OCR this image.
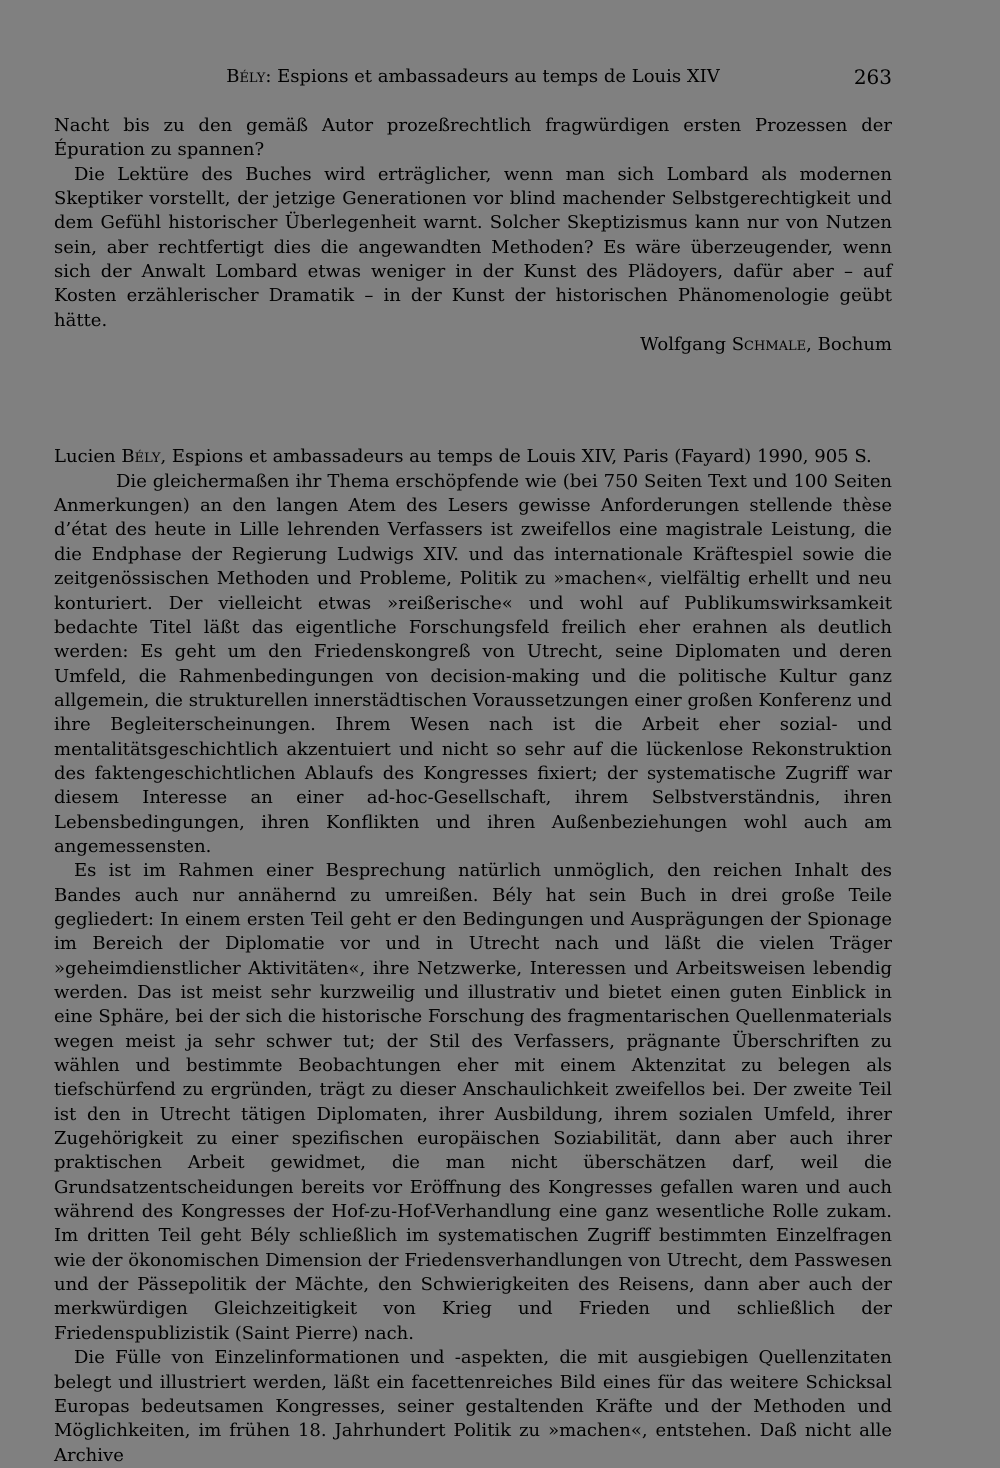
Bély: Espions et ambassadeurs au temps de Louis XIV	263

Nacht bis zu den gemäß Autor prozeßrechtlich fragwürdigen ersten Prozessen der Épuration zu spannen?

Die Lektüre des Buches wird erträglicher, wenn man sich Lombard als modernen Skeptiker vorstellt, der jetzige Generationen vor blind machender Selbstgerechtigkeit und dem Gefühl historischer Überlegenheit warnt. Solcher Skeptizismus kann nur von Nutzen sein, aber rechtfertigt dies die angewandten Methoden? Es wäre überzeugender, wenn sich der Anwalt Lombard etwas weniger in der Kunst des Plädoyers, dafür aber – auf Kosten erzählerischer Dramatik – in der Kunst der historischen Phänomenologie geübt hätte.

Wolfgang Schmale, Bochum

Lucien Bély, Espions et ambassadeurs au temps de Louis XIV, Paris (Fayard) 1990, 905 S.

Die gleichermaßen ihr Thema erschöpfende wie (bei 750 Seiten Text und 100 Seiten Anmerkungen) an den langen Atem des Lesers gewisse Anforderungen stellende thèse d’état des heute in Lille lehrenden Verfassers ist zweifellos eine magistrale Leistung, die die Endphase der Regierung Ludwigs XIV. und das internationale Kräftespiel sowie die zeitgenössischen Methoden und Probleme, Politik zu »machen«, vielfältig erhellt und neu konturiert. Der vielleicht etwas »reißerische« und wohl auf Publikumswirksamkeit bedachte Titel läßt das eigentliche Forschungsfeld freilich eher erahnen als deutlich werden: Es geht um den Friedenskongreß von Utrecht, seine Diplomaten und deren Umfeld, die Rahmenbedingungen von decision-making und die politische Kultur ganz allgemein, die strukturellen innerstädtischen Voraussetzungen einer großen Konferenz und ihre Begleiterscheinungen. Ihrem Wesen nach ist die Arbeit eher sozial- und mentalitätsgeschichtlich akzentuiert und nicht so sehr auf die lückenlose Rekonstruktion des faktengeschichtlichen Ablaufs des Kongresses fixiert; der systematische Zugriff war diesem Interesse an einer ad-hoc-Gesellschaft, ihrem Selbstverständnis, ihren Lebensbedingungen, ihren Konflikten und ihren Außenbeziehungen wohl auch am angemessensten.

Es ist im Rahmen einer Besprechung natürlich unmöglich, den reichen Inhalt des Bandes auch nur annähernd zu umreißen. Bély hat sein Buch in drei große Teile gegliedert: In einem ersten Teil geht er den Bedingungen und Ausprägungen der Spionage im Bereich der Diplomatie vor und in Utrecht nach und läßt die vielen Träger »geheimdienstlicher Aktivitäten«, ihre Netzwerke, Interessen und Arbeitsweisen lebendig werden. Das ist meist sehr kurzweilig und illustrativ und bietet einen guten Einblick in eine Sphäre, bei der sich die historische Forschung des fragmentarischen Quellenmaterials wegen meist ja sehr schwer tut; der Stil des Verfassers, prägnante Überschriften zu wählen und bestimmte Beobachtungen eher mit einem Aktenzitat zu belegen als tiefschürfend zu ergründen, trägt zu dieser Anschaulichkeit zweifellos bei. Der zweite Teil ist den in Utrecht tätigen Diplomaten, ihrer Ausbildung, ihrem sozialen Umfeld, ihrer Zugehörigkeit zu einer spezifischen europäischen Soziabilität, dann aber auch ihrer praktischen Arbeit gewidmet, die man nicht überschätzen darf, weil die Grundsatzentscheidungen bereits vor Eröffnung des Kongresses gefallen waren und auch während des Kongresses der Hof-zu-Hof-Verhandlung eine ganz wesentliche Rolle zukam. Im dritten Teil geht Bély schließlich im systematischen Zugriff bestimmten Einzelfragen wie der ökonomischen Dimension der Friedensverhandlungen von Utrecht, dem Passwesen und der Pässepolitik der Mächte, den Schwierigkeiten des Reisens, dann aber auch der merkwürdigen Gleichzeitigkeit von Krieg und Frieden und schließlich der Friedenspublizistik (Saint Pierre) nach.

Die Fülle von Einzelinformationen und -aspekten, die mit ausgiebigen Quellenzitaten belegt und illustriert werden, läßt ein facettenreiches Bild eines für das weitere Schicksal Europas bedeutsamen Kongresses, seiner gestaltenden Kräfte und der Methoden und Möglichkeiten, im frühen 18. Jahrhundert Politik zu »machen«, entstehen. Daß nicht alle Archive
